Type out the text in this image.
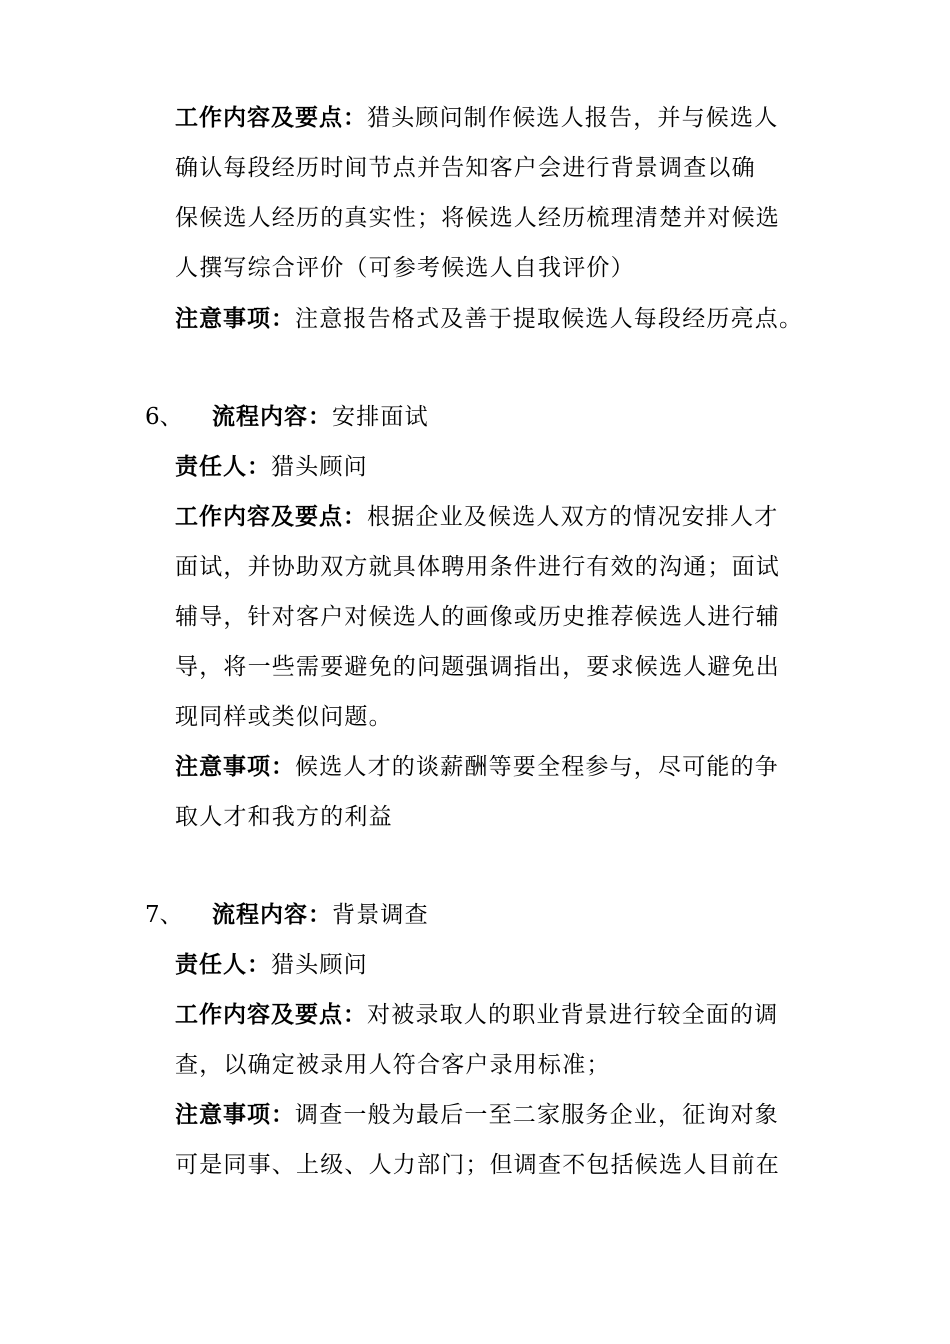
工作内容及要点：猎头顾问制作候选人报告，并与候选人
确认每段经历时间节点并告知客户会进行背景调查以确
保候选人经历的真实性；将候选人经历梳理清楚并对候选
人撰写综合评价（可参考候选人自我评价）
注意事项：注意报告格式及善于提取候选人每段经历亮点。
6、 流程内容：安排面试
责任人：猎头顾问
工作内容及要点：根据企业及候选人双方的情况安排人才
面试，并协助双方就具体聘用条件进行有效的沟通；面试
辅导，针对客户对候选人的画像或历史推荐候选人进行辅
导，将一些需要避免的问题强调指出，要求候选人避免出
现同样或类似问题。
注意事项：候选人才的谈薪酬等要全程参与，尽可能的争
取人才和我方的利益
7、 流程内容：背景调查
责任人：猎头顾问
工作内容及要点：对被录取人的职业背景进行较全面的调
查，以确定被录用人符合客户录用标准；
注意事项：调查一般为最后一至二家服务企业，征询对象
可是同事、上级、人力部门；但调查不包括候选人目前在
